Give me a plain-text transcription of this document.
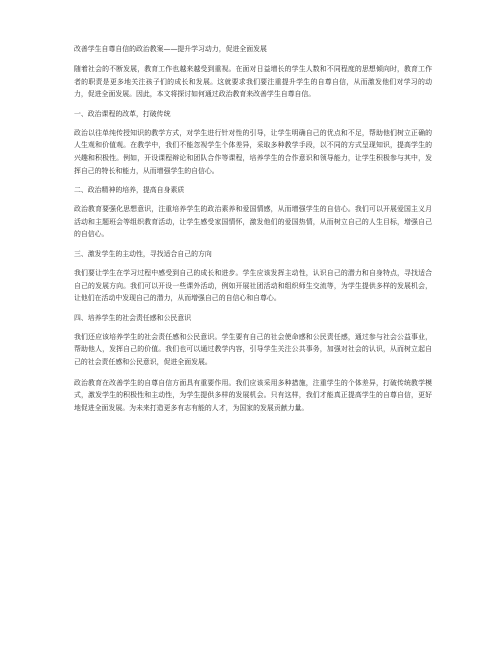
改善学生自尊自信的政治教案——提升学习动力，促进全面发展

随着社会的不断发展，教育工作也越来越受到重视。在面对日益增长的学生人数和不同程度的思想倾向时，教育工作者的职责是更多地关注孩子们的成长和发展。这就要求我们要注重提升学生的自尊自信，从而激发他们对学习的动力，促进全面发展。因此，本文将探讨如何通过政治教育来改善学生自尊自信。

一、政治课程的改革，打破传统

政治以往单纯传授知识的教学方式，对学生进行针对性的引导，让学生明确自己的优点和不足，帮助他们树立正确的人生观和价值观。在教学中，我们不能忽视学生个体差异，采取多种教学手段，以不同的方式呈现知识，提高学生的兴趣和积极性。例如，开设课程辩论和团队合作等课程，培养学生的合作意识和领导能力，让学生积极参与其中，发挥自己的特长和能力，从而增强学生的自信心。

二、政治精神的培养，提高自身素质

政治教育要强化思想意识，注重培养学生的政治素养和爱国情感，从而增强学生的自信心。我们可以开展爱国主义月活动和主题班会等组织教育活动，让学生感受家国情怀，激发他们的爱国热情，从而树立自己的人生目标，增强自己的自信心。

三、激发学生的主动性，寻找适合自己的方向

我们要让学生在学习过程中感受到自己的成长和进步。学生应该发挥主动性，认识自己的潜力和自身特点，寻找适合自己的发展方向。我们可以开设一些课外活动，例如开展社团活动和组织师生交流等，为学生提供多样的发展机会，让他们在活动中发现自己的潜力，从而增强自己的自信心和自尊心。

四、培养学生的社会责任感和公民意识

我们还应该培养学生的社会责任感和公民意识。学生要有自己的社会使命感和公民责任感，通过参与社会公益事业，帮助他人，发挥自己的价值。我们也可以通过教学内容，引导学生关注公共事务，加强对社会的认识，从而树立起自己的社会责任感和公民意识，促进全面发展。

政治教育在改善学生的自尊自信方面具有重要作用。我们应该采用多种措施，注重学生的个体差异，打破传统教学模式，激发学生的积极性和主动性，为学生提供多样的发展机会。只有这样，我们才能真正提高学生的自尊自信，更好地促进全面发展。为未来打造更多有志有能的人才，为国家的发展贡献力量。
